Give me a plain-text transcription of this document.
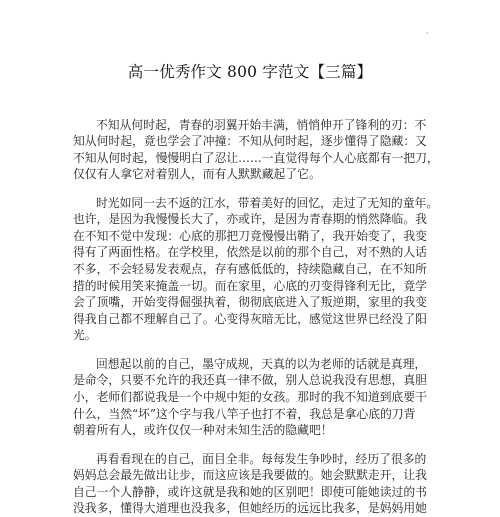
·
高一优秀作文 800 字范文【三篇】
不知从何时起，青春的羽翼开始丰满，悄悄伸开了锋利的刃：不
知从何时起，竟也学会了冲撞：不知从何时起，逐步懂得了隐藏：又
不知从何时起，慢慢明白了忍让……一直觉得每个人心底都有一把刀，
仅仅有人拿它对着别人，而有人默默藏起了它。
时光如同一去不返的江水，带着美好的回忆，走过了无知的童年。
也许，是因为我慢慢长大了，亦或许，是因为青春期的悄然降临。我
在不知不觉中发现：心底的那把刀竟慢慢出鞘了，我开始变了，我变
得有了两面性格。在学校里，依然是以前的那个自己，对不熟的人话
不多，不会轻易发表观点，存有感低低的，持续隐藏自己，在不知所
措的时候用笑来掩盖一切。而在家里，心底的刃变得锋利无比，竟学
会了顶嘴，开始变得倔强执着，彻彻底底进入了叛逆期，家里的我变
得我自己都不理解自己了。心变得灰暗无比，感觉这世界已经没了阳
光。
回想起以前的自己，墨守成规，天真的以为老师的话就是真理，
是命令，只要不允许的我还真一律不做，别人总说我没有思想，真胆
小，老师们都说我是一个中规中矩的女孩。那时的我不知道到底要干
什么，当然“坏”这个字与我八竿子也打不着，我总是拿心底的刀背
朝着所有人，或许仅仅一种对未知生活的隐藏吧！
再看看现在的自己，面目全非。每每发生争吵时，经历了很多的
妈妈总会最先做出让步，而这应该是我要做的。她会默默走开，让我
自己一个人静静，或许这就是我和她的区别吧！即使可能她读过的书
没我多，懂得大道理也没我多，但她经历的远远比我多，是妈妈用她
